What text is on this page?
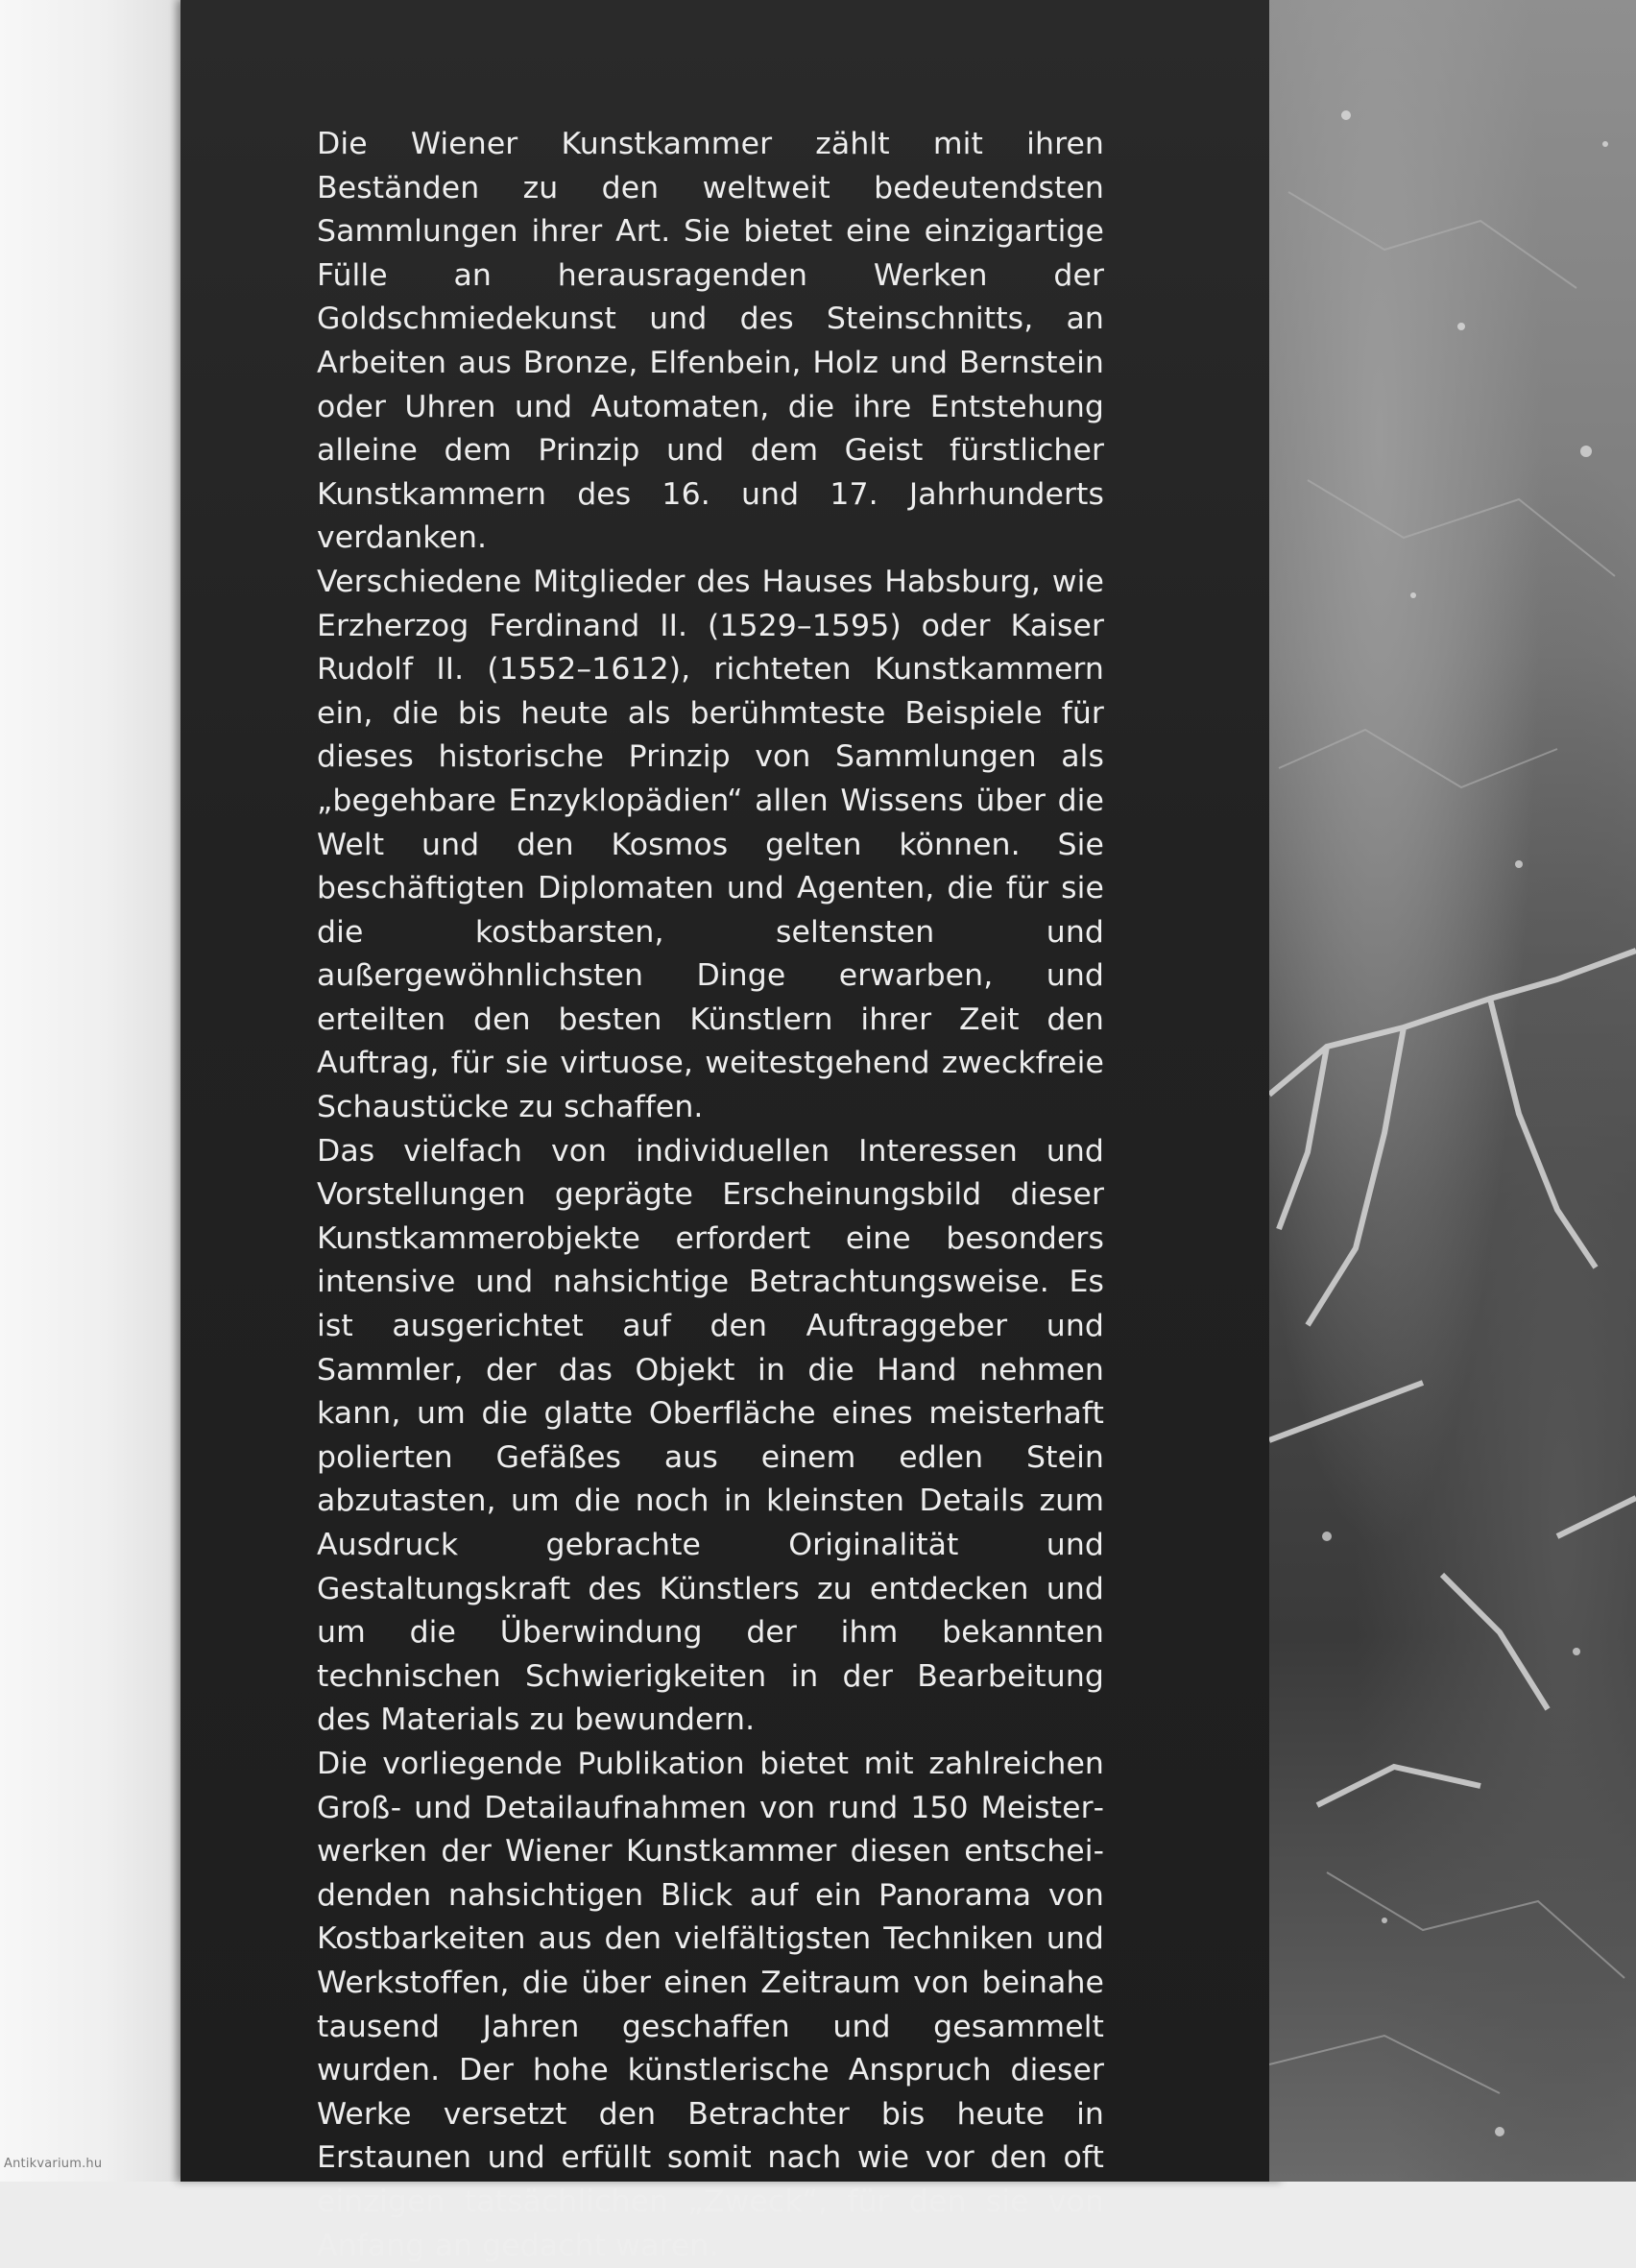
Die Wiener Kunstkammer zählt mit ihren Beständen zu den weltweit bedeutendsten Sammlungen ihrer Art. Sie bietet eine einzigartige Fülle an herausragenden Werken der Goldschmiedekunst und des Steinschnitts, an Arbeiten aus Bronze, Elfenbein, Holz und Bernstein oder Uhren und Automaten, die ihre Entstehung alleine dem Prinzip und dem Geist fürstlicher Kunstkammern des 16. und 17. Jahrhunderts verdanken.

Verschiedene Mitglieder des Hauses Habsburg, wie Erzherzog Ferdinand II. (1529–1595) oder Kaiser Rudolf II. (1552–1612), richteten Kunstkammern ein, die bis heute als berühmteste Beispiele für dieses historische Prinzip von Sammlungen als „begehbare Enzyklopädien“ allen Wissens über die Welt und den Kosmos gelten können. Sie beschäftigten Diplomaten und Agenten, die für sie die kostbarsten, seltensten und außergewöhnlichsten Dinge erwarben, und erteilten den besten Künstlern ihrer Zeit den Auftrag, für sie virtuose, weitestgehend zweckfreie Schaustücke zu schaffen.

Das vielfach von individuellen Interessen und Vorstellungen geprägte Erscheinungsbild dieser Kunstkammerobjekte erfordert eine besonders intensive und nahsichtige Betrachtungsweise. Es ist ausgerichtet auf den Auftraggeber und Sammler, der das Objekt in die Hand nehmen kann, um die glatte Oberfläche eines meisterhaft polierten Gefäßes aus einem edlen Stein abzutasten, um die noch in kleinsten Details zum Ausdruck gebrachte Originalität und Gestaltungskraft des Künstlers zu entdecken und um die Überwindung der ihm bekannten technischen Schwierigkeiten in der Bearbeitung des Materials zu bewundern.

Die vorliegende Publikation bietet mit zahlreichen Groß- und Detailaufnahmen von rund 150 Meisterwerken der Wiener Kunstkammer diesen entscheidenden nahsichtigen Blick auf ein Panorama von Kostbarkeiten aus den vielfältigsten Techniken und Werkstoffen, die über einen Zeitraum von beinahe tausend Jahren geschaffen und gesammelt wurden. Der hohe künstlerische Anspruch dieser Werke versetzt den Betrachter bis heute in Erstaunen und erfüllt somit nach wie vor den oft einzigen tatsächlichen „Zweck“, für den sie von Anfang an gedacht waren.

Antikvarium.hu
